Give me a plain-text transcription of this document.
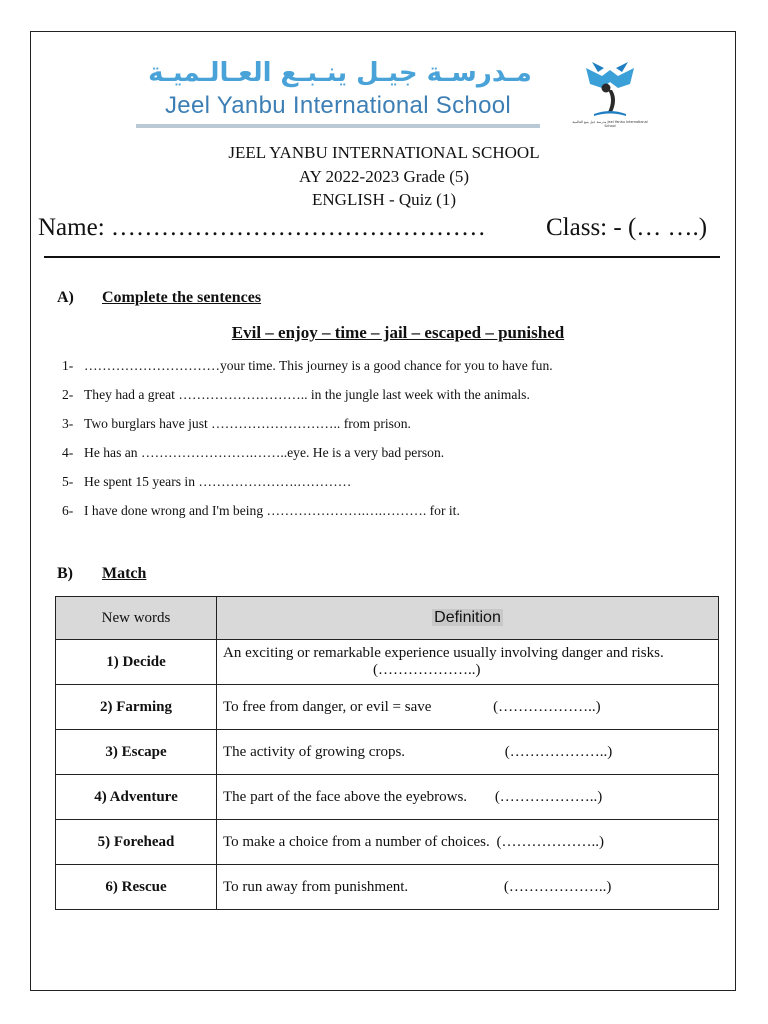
مـدرسـة جيـل ينـبـع العـالـميـة
Jeel Yanbu International School
مدرسة جيل ينبع العالمية Jeel Yanbu International School
JEEL YANBU INTERNATIONAL SCHOOL
AY 2022-2023 Grade (5)
ENGLISH - Quiz (1)
Name: ……………………………………… Class: - (… ….)
A) Complete the sentences
Evil – enjoy – time – jail – escaped – punished
1- …………………………your time. This journey is a good chance for you to have fun.
2- They had a great ……………………….. in the jungle last week with the animals.
3- Two burglars have just ……………………….. from prison.
4- He has an …………………….……..eye. He is a very bad person.
5- He spent 15 years in ………………….…………
6- I have done wrong and I'm being ………………….….………. for it.
B) Match
New words	Definition
1) Decide	An exciting or remarkable experience usually involving danger and risks. (………………..)
2) Farming	To free from danger, or evil = save (………………..)
3) Escape	The activity of growing crops. (………………..)
4) Adventure	The part of the face above the eyebrows. (………………..)
5) Forehead	To make a choice from a number of choices. (………………..)
6) Rescue	To run away from punishment. (………………..)
